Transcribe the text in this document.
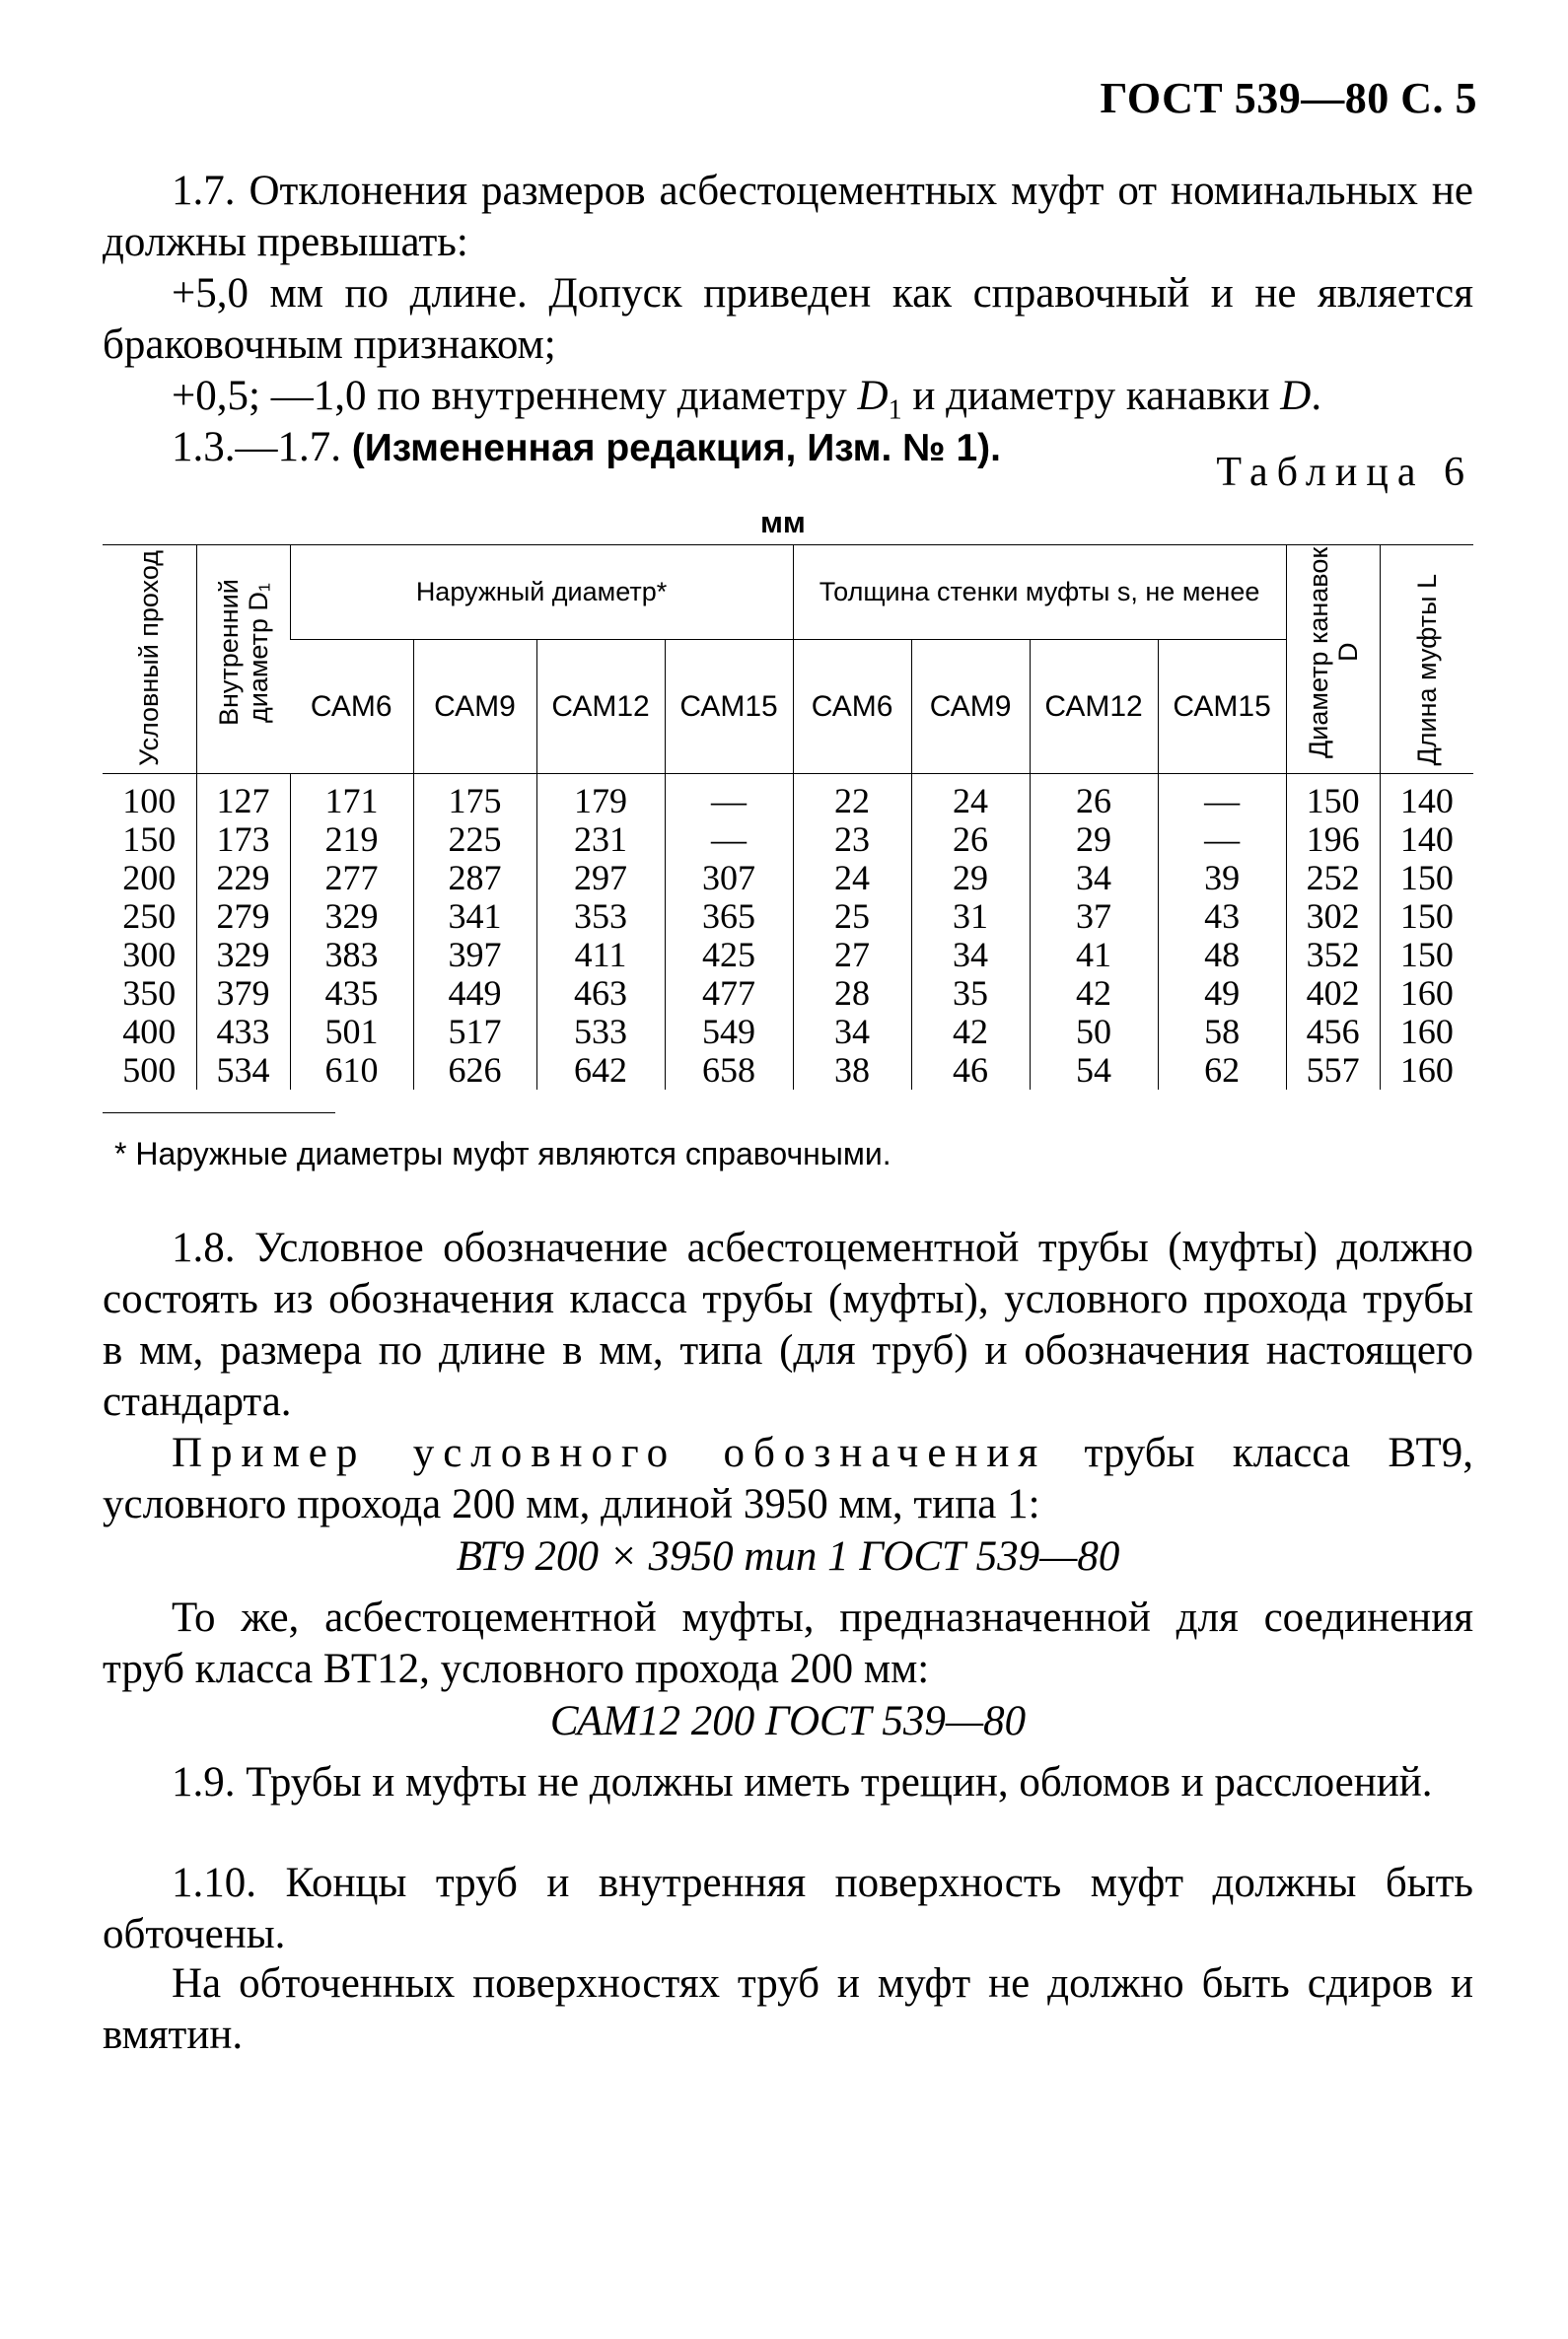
ГОСТ 539—80 С. 5

1.7. Отклонения размеров асбестоцементных муфт от номинальных не должны превышать:

+5,0 мм по длине. Допуск приведен как справочный и не является браковочным признаком;

+0,5; —1,0 по внутреннему диаметру $D_1$ и диаметру канавки D.

1.3.—1.7. (Измененная редакция, Изм. № 1).

Таблица 6
мм
Условный проход	Внутренний диаметр D₁	Наружный диаметр*				Толщина стенки муфты s, не менее				Диаметр канавок D	Длина муфты L
		САМ6	САМ9	САМ12	САМ15	САМ6	САМ9	САМ12	САМ15		
100	127	171	175	179	—	22	24	26	—	150	140
150	173	219	225	231	—	23	26	29	—	196	140
200	229	277	287	297	307	24	29	34	39	252	150
250	279	329	341	353	365	25	31	37	43	302	150
300	329	383	397	411	425	27	34	41	48	352	150
350	379	435	449	463	477	28	35	42	49	402	160
400	433	501	517	533	549	34	42	50	58	456	160
500	534	610	626	642	658	38	46	54	62	557	160
* Наружные диаметры муфт являются справочными.

1.8. Условное обозначение асбестоцементной трубы (муфты) должно состоять из обозначения класса трубы (муфты), условного прохода трубы в мм, размера по длине в мм, типа (для труб) и обозначения настоящего стандарта.

Пример условного обозначения трубы класса ВТ9, условного прохода 200 мм, длиной 3950 мм, типа 1:

ВТ9 200 × 3950 тип 1 ГОСТ 539—80

То же, асбестоцементной муфты, предназначенной для соединения труб класса ВТ12, условного прохода 200 мм:

САМ12 200 ГОСТ 539—80

1.9. Трубы и муфты не должны иметь трещин, обломов и расслоений.

1.10. Концы труб и внутренняя поверхность муфт должны быть обточены.

На обточенных поверхностях труб и муфт не должно быть сдиров и вмятин.
